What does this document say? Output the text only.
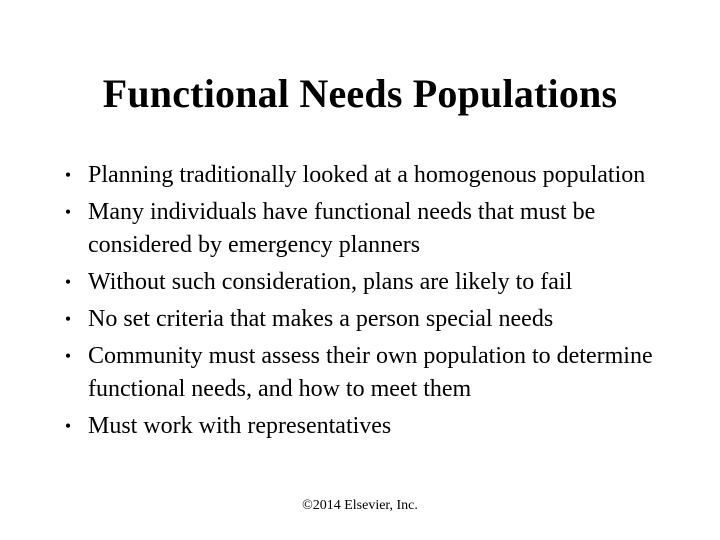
Functional Needs Populations
• Planning traditionally looked at a homogenous population
• Many individuals have functional needs that must be considered by emergency planners
• Without such consideration, plans are likely to fail
• No set criteria that makes a person special needs
• Community must assess their own population to determine functional needs, and how to meet them
• Must work with representatives
©2014 Elsevier, Inc.
